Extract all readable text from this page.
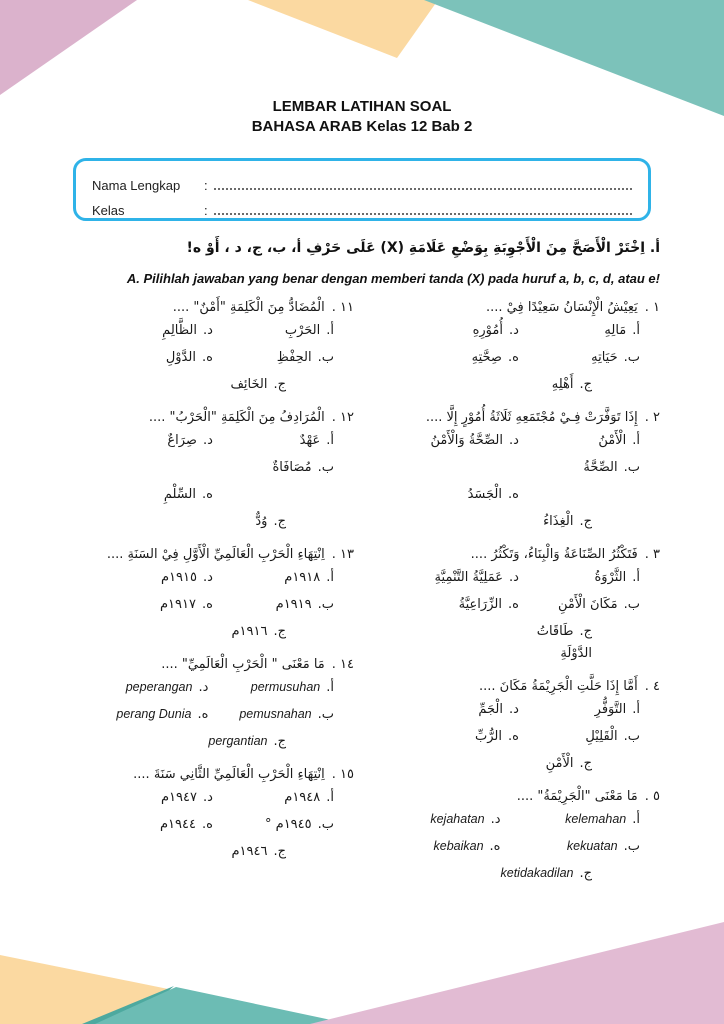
LEMBAR LATIHAN SOAL
BAHASA ARAB Kelas 12 Bab 2
Nama Lengkap	:
Kelas	:
أ. اِخْتَرْ الْأَصَحَّ مِنَ الْأَجْوِبَةِ بِوَضْعِ عَلَامَةِ (X) عَلَى حَرْفِ أ، ب، ج، د ، أَوْ ه!
A. Pilihlah jawaban yang benar dengan memberi tanda (X) pada huruf a, b, c, d, atau e!
١ .
يَعِيْشُ الْإِنْسَانُ سَعِيْدًا فِيْ ....
أ.مَالِهِ
د.أُمُوْرِهِ
ب.حَيَاتِهِ
ه.صِحَّتِهِ
ج.أَهْلِهِ
٢ .
إِذَا تَوَفَّرَتْ فِـيْ مُجْتَمَعِهِ ثَلَاثَةُ أُمُوْرٍ إِلَّا ....
أ.الْأَمْنُ
د.الصِّحَّةُ وَالْأَمْنُ
ب.الصِّحَّةُ
ه.الْجَسَدُ
ج.الْغِذَاءُ
٣ .
فَتَكْثُرُ الصِّنَاعَةُ وَالْبِنَاءُ، وَتَكْثُرُ ....
أ.الثَّرْوَةُ
د.عَمَلِيَّةُ التَّنْمِيَّةِ
ب.مَكَانَ الْأَمْنِ
ه.الزِّرَاعِيَّةُ
ج.طَاقَاتُ الدَّوْلَةِ
٤ .
أَمَّا إِذَا حَلَّتِ الْجَرِيْمَةُ مَكَانَ ....
أ.التَّوَفُّرِ
د.الْجَمِّ
ب.الْقَلِيْلِ
ه.الرُّبِّ
ج.الْأَمْنِ
٥ .
مَا مَعْنَى "الْجَرِيْمَةُ" ....
أ.kelemahan
د.kejahatan
ب.kekuatan
ه.kebaikan
ج.ketidakadilan
١١ .
الْمُضَادُّ مِنَ الْكَلِمَةِ "أَمْنٌ" ....
أ.الحَرْبِ
د.الظَّالِمِ
ب.الحِفْظِ
ه.الدَّوْلِ
ج.الخَائِف
١٢ .
الْمُرَادِفُ مِنَ الْكَلِمَةِ "الْحَرْبُ" ....
أ.عَهْدٌ
د.صِرَاعٌ
ب.مُصَافَاةٌ
ه.السِّلْمِ
ج.وُدٌّ
١٣ .
اِنْتِهَاءِ الْحَرْبِ الْعَالَمِيِّ الْأَوَّلِ فِيْ السَنَةِ ....
أ.١٩١٨م
د.١٩١٥م
ب.١٩١٩م
ه.١٩١٧م
ج.١٩١٦م
١٤ .
مَا مَعْنَى " الْحَرْبِ الْعَالَمِيِّ" ....
أ.permusuhan
د.peperangan
ب.pemusnahan
ه.perang Dunia
ج.pergantian
١٥ .
اِنْتِهَاءِ الْحَرْبِ الْعَالَمِيِّ الثَّانِي سَنَةَ ....
أ.١٩٤٨م
د.١٩٤٧م
ب.١٩٤٥م °
ه.١٩٤٤م
ج.١٩٤٦م
